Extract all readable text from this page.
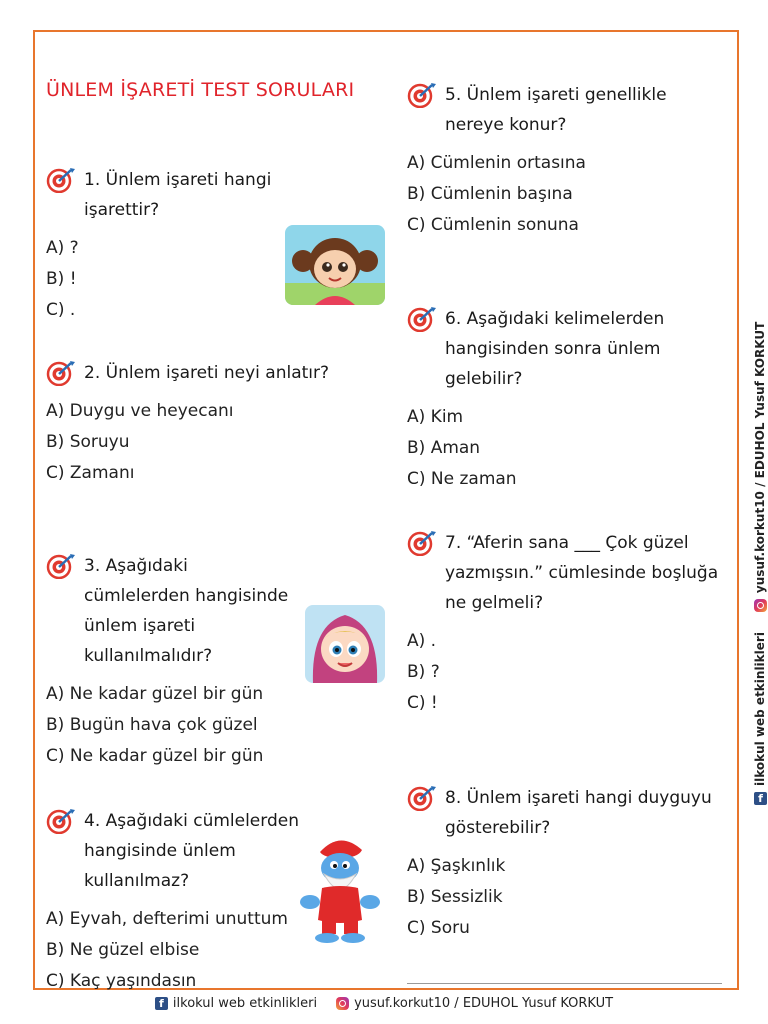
ÜNLEM İŞARETİ TEST SORULARI
1. Ünlem işareti hangi işarettir?
A) ?
B) !
C) .
2. Ünlem işareti neyi anlatır?
A) Duygu ve heyecanı
B) Soruyu
C) Zamanı
3. Aşağıdaki cümlelerden hangisinde ünlem işareti kullanılmalıdır?
A) Ne kadar güzel bir gün
B) Bugün hava çok güzel
C) Ne kadar güzel bir gün
4. Aşağıdaki cümlelerden hangisinde ünlem kullanılmaz?
A) Eyvah, defterimi unuttum
B) Ne güzel elbise
C) Kaç yaşındasın
5. Ünlem işareti genellikle nereye konur?
A) Cümlenin ortasına
B) Cümlenin başına
C) Cümlenin sonuna
6. Aşağıdaki kelimelerden hangisinden sonra ünlem gelebilir?
A) Kim
B) Aman
C) Ne zaman
7. “Aferin sana ___ Çok güzel yazmışsın.” cümlesinde boşluğa ne gelmeli?
A) .
B) ?
C) !
8. Ünlem işareti hangi duyguyu gösterebilir?
A) Şaşkınlık
B) Sessizlik
C) Soru
f
ilkokul web etkinlikleri
yusuf.korkut10 / EDUHOL Yusuf KORKUT
f ilkokul web etkinlikleri	yusuf.korkut10 / EDUHOL Yusuf KORKUT
